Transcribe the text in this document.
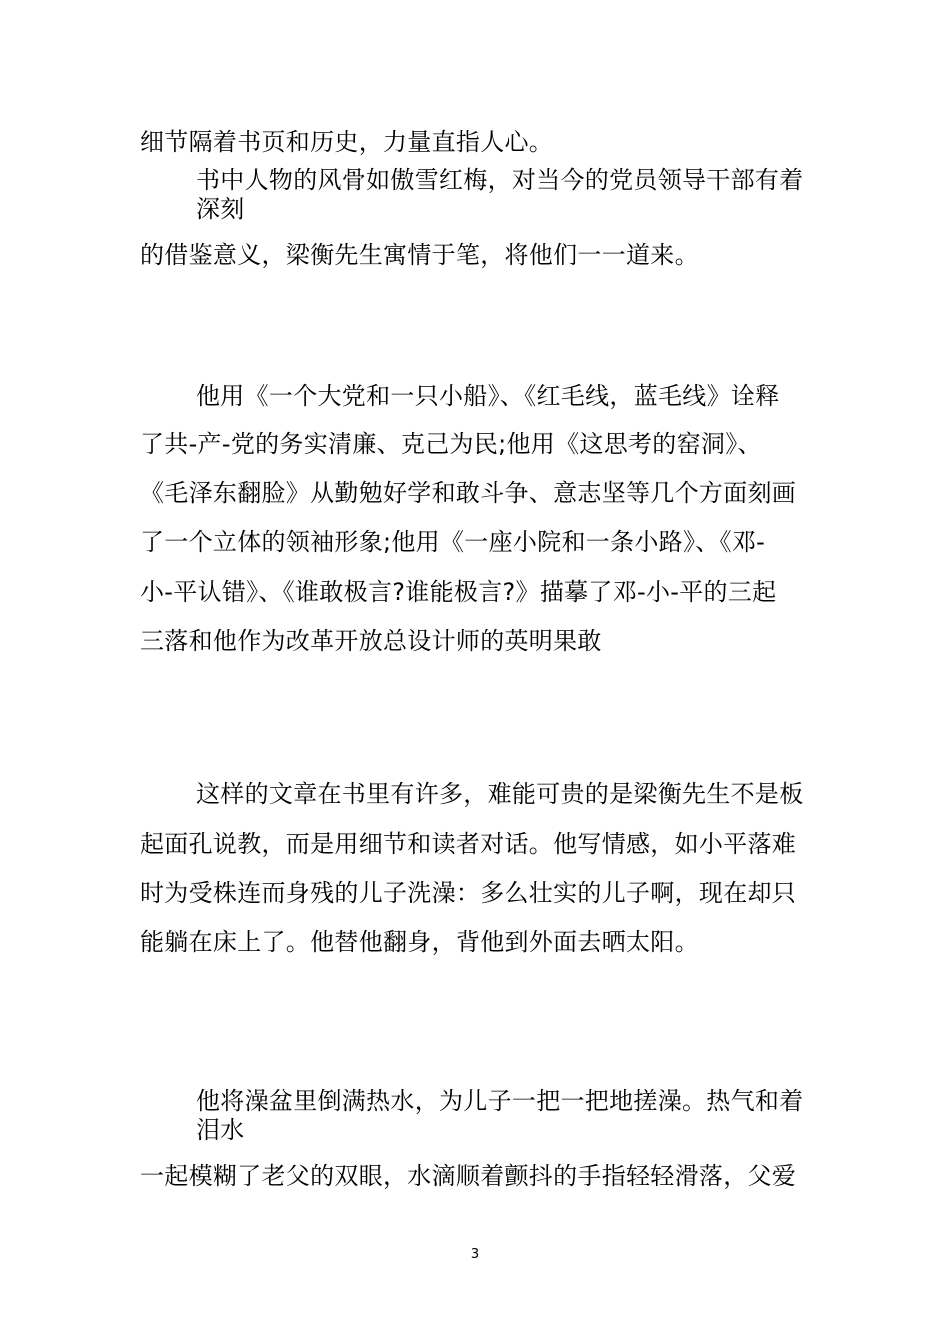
细节隔着书页和历史，力量直指人心。
书中人物的风骨如傲雪红梅，对当今的党员领导干部有着
深刻
的借鉴意义，梁衡先生寓情于笔，将他们一一道来。
他用《一个大党和一只小船》、《红毛线，蓝毛线》诠释
了共-产-党的务实清廉、克己为民;他用《这思考的窑洞》、
《毛泽东翻脸》从勤勉好学和敢斗争、意志坚等几个方面刻画
了一个立体的领袖形象;他用《一座小院和一条小路》、《邓-
小-平认错》、《谁敢极言?谁能极言?》描摹了邓-小-平的三起
三落和他作为改革开放总设计师的英明果敢
这样的文章在书里有许多，难能可贵的是梁衡先生不是板
起面孔说教，而是用细节和读者对话。他写情感，如小平落难
时为受株连而身残的儿子洗澡：多么壮实的儿子啊，现在却只
能躺在床上了。他替他翻身，背他到外面去晒太阳。
他将澡盆里倒满热水，为儿子一把一把地搓澡。热气和着
泪水
一起模糊了老父的双眼，水滴顺着颤抖的手指轻轻滑落，父爱
3
